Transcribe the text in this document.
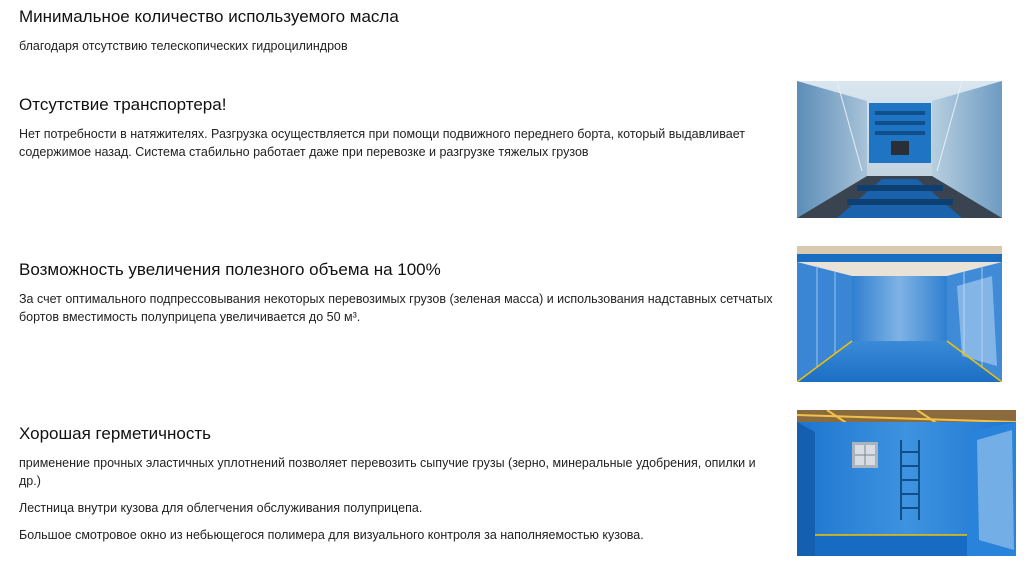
Минимальное количество используемого масла

благодаря отсутствию телескопических гидроцилиндров

Отсутствие транспортера!

Нет потребности в натяжителях. Разгрузка осуществляется при помощи подвижного переднего борта, который выдавливает содержимое назад. Система стабильно работает даже при перевозке и разгрузке тяжелых грузов

Возможность увеличения полезного объема на 100%

За счет оптимального подпрессовывания некоторых перевозимых грузов (зеленая масса) и использования надставных сетчатых бортов вместимость полуприцепа увеличивается до 50 м³.

Хорошая герметичность

применение прочных эластичных уплотнений позволяет перевозить сыпучие грузы (зерно, минеральные удобрения, опилки и др.)

Лестница внутри кузова для облегчения обслуживания полуприцепа.

Большое смотровое окно из небьющегося полимера для визуального контроля за наполняемостью кузова.
